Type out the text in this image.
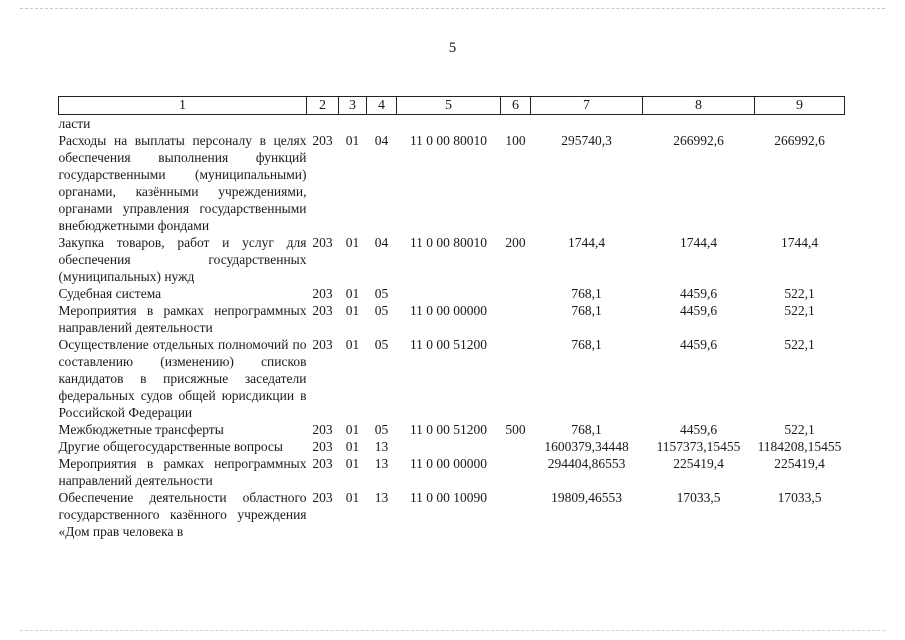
5
1	2	3	4	5	6	7	8	9
ласти								
Расходы на выплаты персоналу в целях обеспечения выполнения функций государственными (муниципальными) органами, казёнными учреждениями, органами управления государственными внебюджетными фондами	203	01	04	11 0 00 80010	100	295740,3	266992,6	266992,6
Закупка товаров, работ и услуг для обеспечения государственных (муниципальных) нужд	203	01	04	11 0 00 80010	200	1744,4	1744,4	1744,4
Судебная система	203	01	05			768,1	4459,6	522,1
Мероприятия в рамках непрограммных направлений деятельности	203	01	05	11 0 00 00000		768,1	4459,6	522,1
Осуществление отдельных полномочий по составлению (изменению) списков кандидатов в присяжные заседатели федеральных судов общей юрисдикции в Российской Федерации	203	01	05	11 0 00 51200		768,1	4459,6	522,1
Межбюджетные трансферты	203	01	05	11 0 00 51200	500	768,1	4459,6	522,1
Другие общегосударственные вопросы	203	01	13			1600379,34448	1157373,15455	1184208,15455
Мероприятия в рамках непрограммных направлений деятельности	203	01	13	11 0 00 00000		294404,86553	225419,4	225419,4
Обеспечение деятельности областного государственного казённого учреждения «Дом прав человека в	203	01	13	11 0 00 10090		19809,46553	17033,5	17033,5
